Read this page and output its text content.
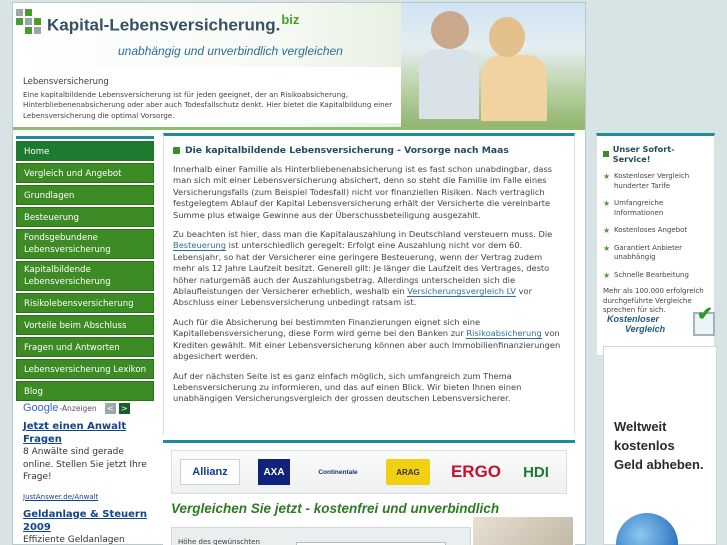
Kapital-Lebensversicherung.$^{biz}$
unabhängig und unverbindlich vergleichen
Lebensversicherung
Eine kapitalbildende Lebensversicherung ist für jeden geeignet, der an Risikoabsicherung, Hinterbliebenenabsicherung oder aber auch Todesfallschutz denkt. Hier bietet die Kapitalbildung einer Lebensversicherung die optimal Vorsorge.
Home
Vergleich und Angebot
Grundlagen
Besteuerung
Fondsgebundene Lebensversicherung
Kapitalbildende Lebensversicherung
Risikolebensversicherung
Vorteile beim Abschluss
Fragen und Antworten
Lebensversicherung Lexikon
Blog
Google -Anzeigen < >
Jetzt einen Anwalt Fragen
8 Anwälte sind gerade online. Stellen Sie jetzt Ihre Frage!
JustAnswer.de/Anwalt
Geldanlage & Steuern 2009
Effiziente Geldanlagen
Die kapitalbildende Lebensversicherung - Vorsorge nach Maas

Innerhalb einer Familie als Hinterbliebenenabsicherung ist es fast schon unabdingbar, dass man sich mit einer Lebensversicherung absichert, denn so steht die Familie im Falle eines Versicherungsfalls (zum Beispiel Todesfall) nicht vor finanziellen Risiken. Nach vertraglich festgelegtem Ablauf der Kapital Lebensversicherung erhält der Versicherte die vereinbarte Summe plus etwaige Gewinne aus der Überschussbeteiligung ausgezahlt.

Zu beachten ist hier, dass man die Kapitalauszahlung in Deutschland versteuern muss. Die Besteuerung ist unterschiedlich geregelt: Erfolgt eine Auszahlung nicht vor dem 60. Lebensjahr, so hat der Versicherer eine geringere Besteuerung, wenn der Vertrag zudem mehr als 12 Jahre Laufzeit besitzt. Generell gilt: Je länger die Laufzeit des Vertrages, desto höher naturgemäß auch der Auszahlungsbetrag. Allerdings unterscheiden sich die Ablaufleistungen der Versicherer erheblich, weshalb ein Versicherungsvergleich LV vor Abschluss einer Lebensversicherung unbedingt ratsam ist.

Auch für die Absicherung bei bestimmten Finanzierungen eignet sich eine Kapitallebensversicherung, diese Form wird gerne bei den Banken zur Risikoabsicherung von Krediten gewählt. Mit einer Lebensversicherung können aber auch Immobilienfinanzierungen abgesichert werden.

Auf der nächsten Seite ist es ganz einfach möglich, sich umfangreich zum Thema Lebensversicherung zu informieren, und das auf einen Blick. Wir bieten Ihnen einen unabhängigen Versicherungsvergleich der grossen deutschen Lebensversicherer.

Allianz	AXA	Continentale	ARAG	ERGO	HDI
Vergleichen Sie jetzt - kostenfrei und unverbindlich
Höhe des gewünschten
Unser Sofort-Service!
★ Kostenloser Vergleich hunderter Tarife
★ Umfangreiche Informationen
★ Kostenloses Angebot
★ Garantiert Anbieter unabhängig
★ Schnelle Bearbeitung
Mehr als 100.000 erfolgreich durchgeführte Vergleiche sprechen für sich.
Kostenloser
Vergleich
✔
Weltweit
kostenlos
Geld abheben.
